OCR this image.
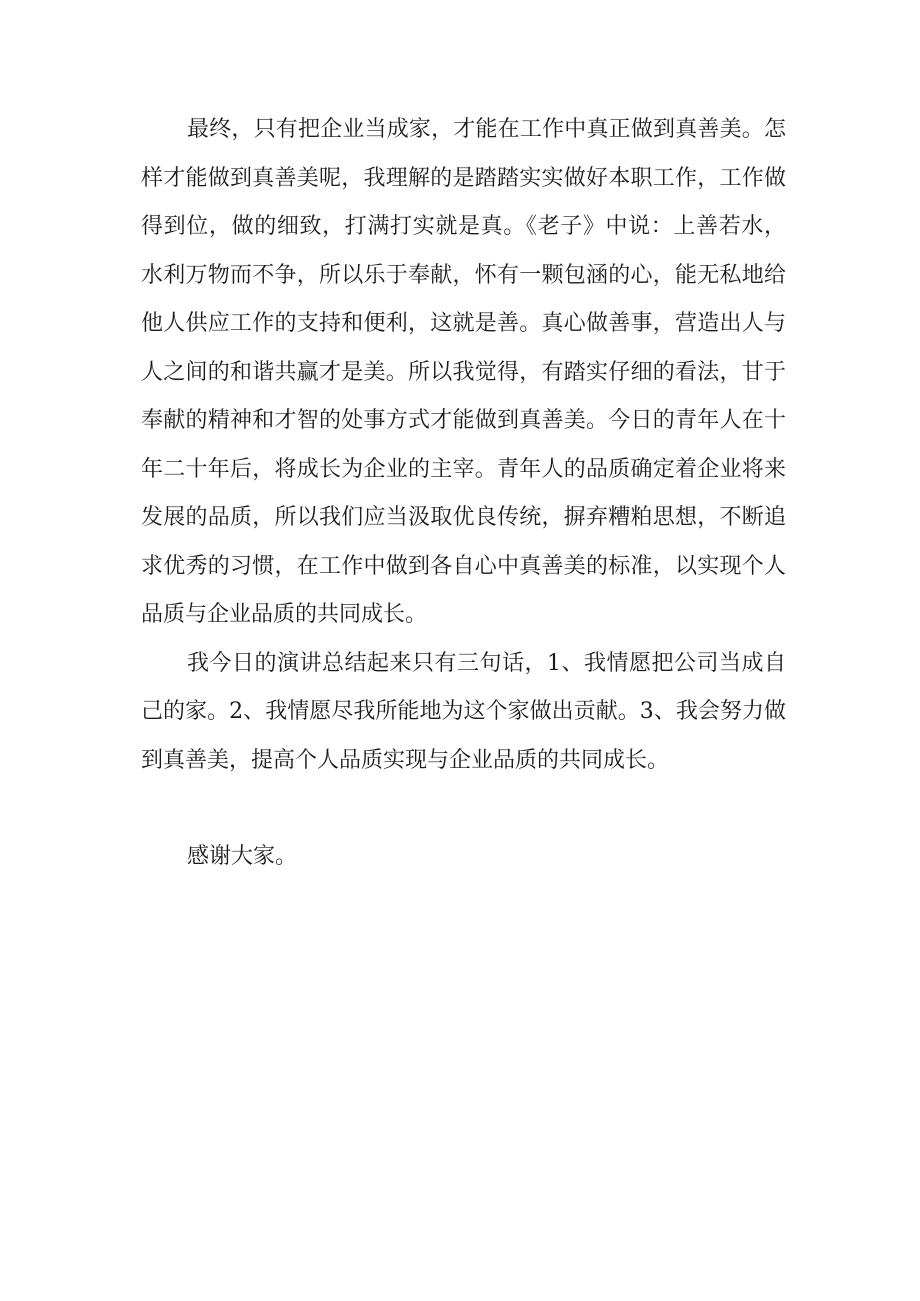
最终，只有把企业当成家，才能在工作中真正做到真善美。怎样才能做到真善美呢，我理解的是踏踏实实做好本职工作，工作做得到位，做的细致，打满打实就是真。《老子》中说：上善若水，水利万物而不争，所以乐于奉献，怀有一颗包涵的心，能无私地给他人供应工作的支持和便利，这就是善。真心做善事，营造出人与人之间的和谐共赢才是美。所以我觉得，有踏实仔细的看法，甘于奉献的精神和才智的处事方式才能做到真善美。今日的青年人在十年二十年后，将成长为企业的主宰。青年人的品质确定着企业将来发展的品质，所以我们应当汲取优良传统，摒弃糟粕思想，不断追求优秀的习惯，在工作中做到各自心中真善美的标准，以实现个人品质与企业品质的共同成长。

我今日的演讲总结起来只有三句话，1、我情愿把公司当成自己的家。2、我情愿尽我所能地为这个家做出贡献。3、我会努力做到真善美，提高个人品质实现与企业品质的共同成长。

感谢大家。
